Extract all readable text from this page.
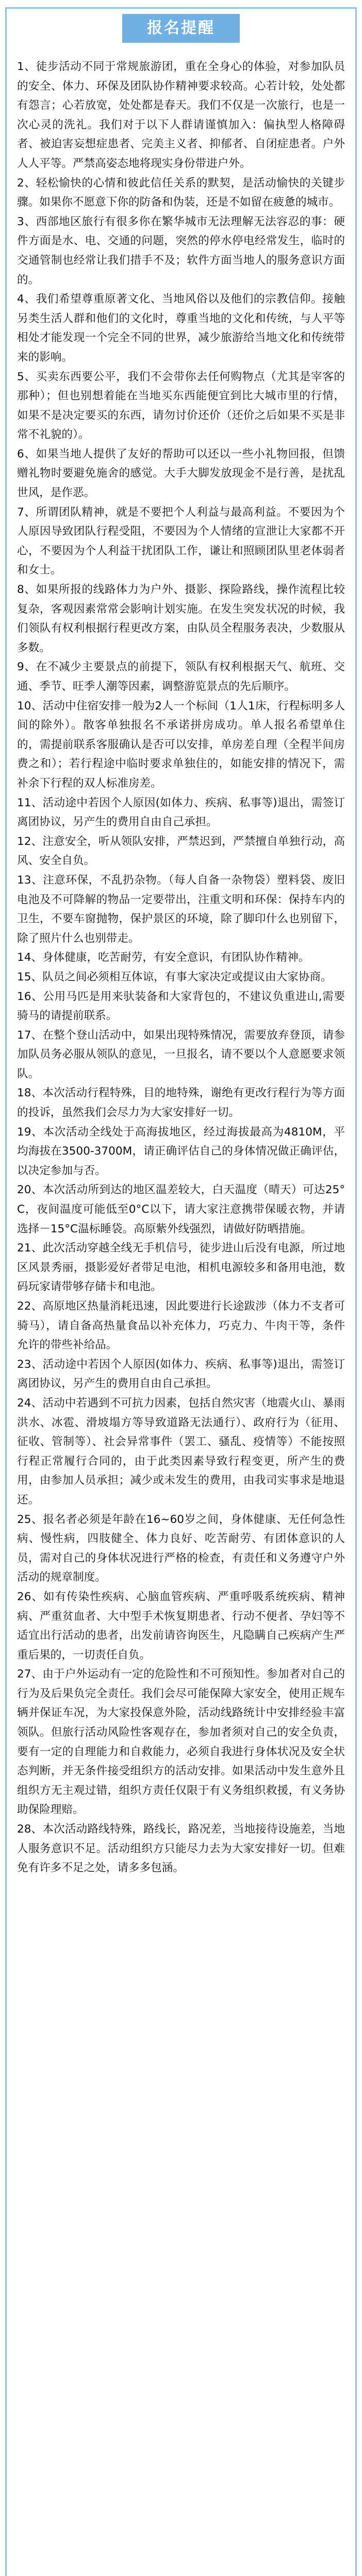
报名提醒

1、徒步活动不同于常规旅游团，重在全身心的体验，对参加队员的安全、体力、环保及团队协作精神要求较高。心若计较，处处都有怨言；心若放宽，处处都是春天。我们不仅是一次旅行，也是一次心灵的洗礼。我们对于以下人群请谨慎加入：偏执型人格障碍者、被迫害妄想症患者、完美主义者、抑郁者、自闭症患者。户外人人平等。严禁高姿态地将现实身份带进户外。

2、轻松愉快的心情和彼此信任关系的默契，是活动愉快的关键步骤。如果你不愿意下你的防备和伪装，还是不如留在疲惫的城市。

3、西部地区旅行有很多你在繁华城市无法理解无法容忍的事：硬件方面是水、电、交通的问题，突然的停水停电经常发生，临时的交通管制也经常让我们措手不及；软件方面当地人的服务意识方面的。

4、我们希望尊重原著文化、当地风俗以及他们的宗教信仰。接触另类生活人群和他们的文化时，尊重当地的文化和传统，与人平等相处才能发现一个完全不同的世界，减少旅游给当地文化和传统带来的影响。

5、买卖东西要公平，我们不会带你去任何购物点（尤其是宰客的那种）；但也别想着能在当地买东西能便宜到比大城市里的行情，如果不是决定要买的东西，请勿讨价还价（还价之后如果不买是非常不礼貌的）。

6、如果当地人提供了友好的帮助可以还以一些小礼物回报，但馈赠礼物时要避免施舍的感觉。大手大脚发放现金不是行善，是扰乱世风，是作恶。

7、所谓团队精神，就是不要把个人利益与最高利益。不要因为个人原因导致团队行程受阻，不要因为个人情绪的宣泄让大家都不开心，不要因为个人利益干扰团队工作，谦让和照顾团队里老体弱者和女士。

8、如果所报的线路体力为户外、摄影、探险路线，操作流程比较复杂，客观因素常常会影响计划实施。在发生突发状况的时候，我们领队有权利根据行程更改方案，由队员全程服务表决，少数服从多数。

9、在不减少主要景点的前提下，领队有权利根据天气、航班、交通、季节、旺季人潮等因素，调整游览景点的先后顺序。

10、活动中住宿安排一般为2人一个标间（1人1床，行程标明多人间的除外）。散客单独报名不承诺拼房成功。单人报名希望单住的，需提前联系客服确认是否可以安排，单房差自理（全程半间房费之和）；若行程途中临时要求单独住的，如能安排的情况下，需补余下行程的双人标准房差。

11、活动途中若因个人原因(如体力、疾病、私事等)退出，需签订离团协议，另产生的费用自由自己承担。

12、注意安全，听从领队安排，严禁迟到，严禁擅自单独行动，高风、安全自负。

13、注意环保，不乱扔杂物。（每人自备一杂物袋）塑料袋、废旧电池及不可降解的物品一定要带出，注重文明和环保：保持车内的卫生，不要车窗抛物，保护景区的环境，除了脚印什么也别留下，除了照片什么也别带走。

14、身体健康，吃苦耐劳，有安全意识，有团队协作精神。

15、队员之间必须相互体谅，有事大家决定或提议由大家协商。

16、公用马匹是用来驮装备和大家背包的，不建议负重进山,需要骑马的请提前联系。

17、在整个登山活动中，如果出现特殊情况，需要放弃登顶，请参加队员务必服从领队的意见，一旦报名，请不要以个人意愿要求领队。

18、本次活动行程特殊，目的地特殊，谢绝有更改行程行为等方面的投诉，虽然我们会尽力为大家安排好一切。

19、本次活动全线处于高海拔地区，经过海拔最高为4810M，平均海拔在3500-3700M，请正确评估自己的身体情况做正确评估，以决定参加与否。

20、本次活动所到达的地区温差较大，白天温度（晴天）可达25°C，夜间温度可能低至0°C以下，请大家注意携带保暖衣物，并请选择－15°C温标睡袋。高原紫外线强烈，请做好防晒措施。

21、此次活动穿越全线无手机信号，徒步进山后没有电源，所过地区风景秀丽，摄影爱好者带足电池，相机电源较多和备用电池，数码玩家请带够存储卡和电池。

22、高原地区热量消耗迅速，因此要进行长途跋涉（体力不支者可骑马），请自备高热量食品以补充体力，巧克力、牛肉干等，条件允许的带些补给品。

23、活动途中若因个人原因(如体力、疾病、私事等)退出，需签订离团协议，另产生的费用自由自己承担。

24、活动中若遇到不可抗力因素，包括自然灾害（地震火山、暴雨洪水、冰雹、滑坡塌方等导致道路无法通行）、政府行为（征用、征收、管制等）、社会异常事件（罢工、骚乱、疫情等）不能按照行程正常履行合同的，由于此类因素导致行程变更，所产生的费用，由参加人员承担；减少或未发生的费用，由我司实事求是地退还。

25、报名者必须是年龄在16~60岁之间，身体健康、无任何急性病、慢性病，四肢健全、体力良好、吃苦耐劳、有团体意识的人员，需对自己的身体状况进行严格的检查，有责任和义务遵守户外活动的规章制度。

26、如有传染性疾病、心脑血管疾病、严重呼吸系统疾病、精神病、严重贫血者、大中型手术恢复期患者、行动不便者、孕妇等不适宜出行活动的患者，出发前请咨询医生，凡隐瞒自己疾病产生严重后果的，一切责任自负。

27、由于户外运动有一定的危险性和不可预知性。参加者对自己的行为及后果负完全责任。我们会尽可能保障大家安全，使用正规车辆并保证车况，为大家投保意外险，活动线路统计中安排经验丰富领队。但旅行活动风险性客观存在，参加者须对自己的安全负责，要有一定的自理能力和自救能力，必须自我进行身体状况及安全状态判断，并无条件接受组织方的活动安排。如果活动中发生意外且组织方无主观过错，组织方责任仅限于有义务组织救援，有义务协助保险理赔。

28、本次活动路线特殊，路线长，路况差，当地接待设施差，当地人服务意识不足。活动组织方只能尽力去为大家安排好一切。但难免有许多不足之处，请多多包涵。
